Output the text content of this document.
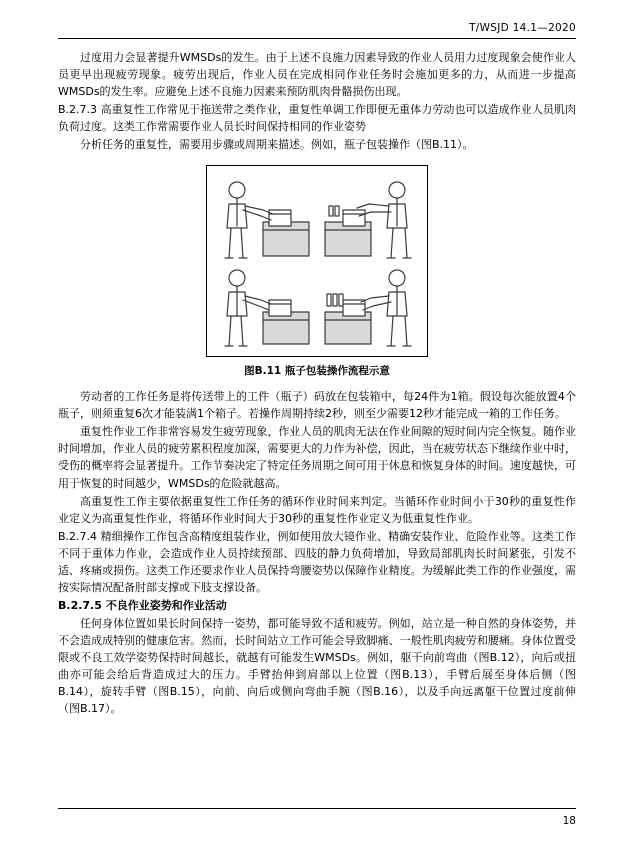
T/WSJD 14.1—2020

过度用力会显著提升WMSDs的发生。由于上述不良施力因素导致的作业人员用力过度现象会使作业人员更早出现疲劳现象。疲劳出现后，作业人员在完成相同作业任务时会施加更多的力，从而进一步提高WMSDs的发生率。应避免上述不良施力因素来预防肌肉骨骼损伤出现。

B.2.7.3 高重复性工作常见于拖送带之类作业，重复性单调工作即便无重体力劳动也可以造成作业人员肌肉负荷过度。这类工作常需要作业人员长时间保持相同的作业姿势

分析任务的重复性，需要用步骤或周期来描述。例如，瓶子包装操作（图B.11）。

图B.11 瓶子包装操作流程示意

劳动者的工作任务是将传送带上的工件（瓶子）码放在包装箱中，每24件为1箱。假设每次能放置4个瓶子，则须重复6次才能装满1个箱子。若操作周期持续2秒，则至少需要12秒才能完成一箱的工作任务。

重复性作业工作非常容易发生疲劳现象，作业人员的肌肉无法在作业间隙的短时间内完全恢复。随作业时间增加，作业人员的疲劳累积程度加深，需要更大的力作为补偿，因此，当在疲劳状态下继续作业中时，受伤的概率将会显著提升。工作节奏决定了特定任务周期之间可用于休息和恢复身体的时间。速度越快，可用于恢复的时间越少，WMSDs的危险就越高。

高重复性工作主要依据重复性工作任务的循环作业时间来判定。当循环作业时间小于30秒的重复性作业定义为高重复性作业，将循环作业时间大于30秒的重复性作业定义为低重复性作业。

B.2.7.4 精细操作工作包含高精度组装作业，例如使用放大镜作业、精确安装作业、危险作业等。这类工作不同于重体力作业，会造成作业人员持续预部、四肢的静力负荷增加，导致局部肌肉长时间紧张，引发不适、疼痛或损伤。这类工作还要求作业人员保持弯腰姿势以保障作业精度。为缓解此类工作的作业强度，需按实际情况配备肘部支撑或下肢支撑设备。

B.2.7.5 不良作业姿势和作业活动

任何身体位置如果长时间保持一姿势，都可能导致不适和疲劳。例如，站立是一种自然的身体姿势，并不会造成成特别的健康危害。然而，长时间站立工作可能会导致脚痛、一般性肌肉疲劳和腰痛。身体位置受限或不良工效学姿势保持时间越长，就越有可能发生WMSDs。例如，躯干向前弯曲（图B.12），向后或扭曲亦可能会给后背造成过大的压力。手臂抬伸到肩部以上位置（图B.13），手臂后展至身体后侧（图B.14），旋转手臂（图B.15），向前、向后或侧向弯曲手腕（图B.16），以及手向远离躯干位置过度前伸（图B.17）。

18
